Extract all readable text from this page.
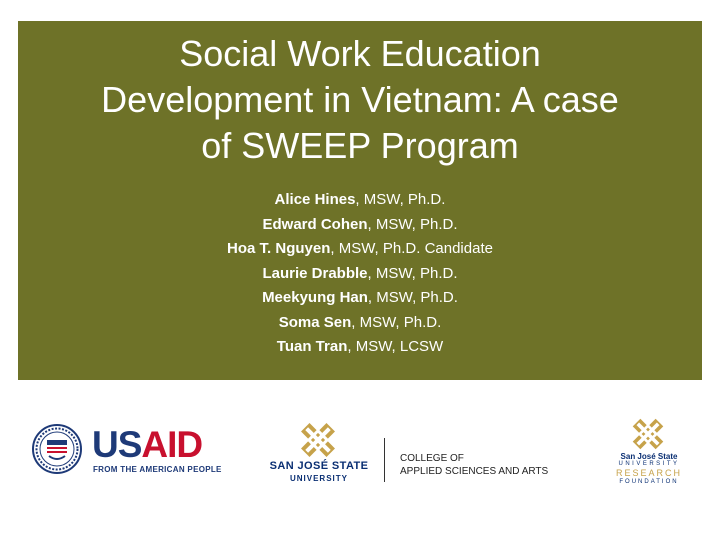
Social Work Education
Development in Vietnam: A case
of SWEEP Program
Alice Hines, MSW, Ph.D.
Edward Cohen, MSW, Ph.D.
Hoa T. Nguyen, MSW, Ph.D. Candidate
Laurie Drabble, MSW, Ph.D.
Meekyung Han, MSW, Ph.D.
Soma Sen, MSW, Ph.D.
Tuan Tran, MSW, LCSW
USAID
FROM THE AMERICAN PEOPLE	SAN JOSÉ STATE
UNIVERSITY
COLLEGE OF
APPLIED SCIENCES AND ARTS
San José State
UNIVERSITY
RESEARCH
FOUNDATION
